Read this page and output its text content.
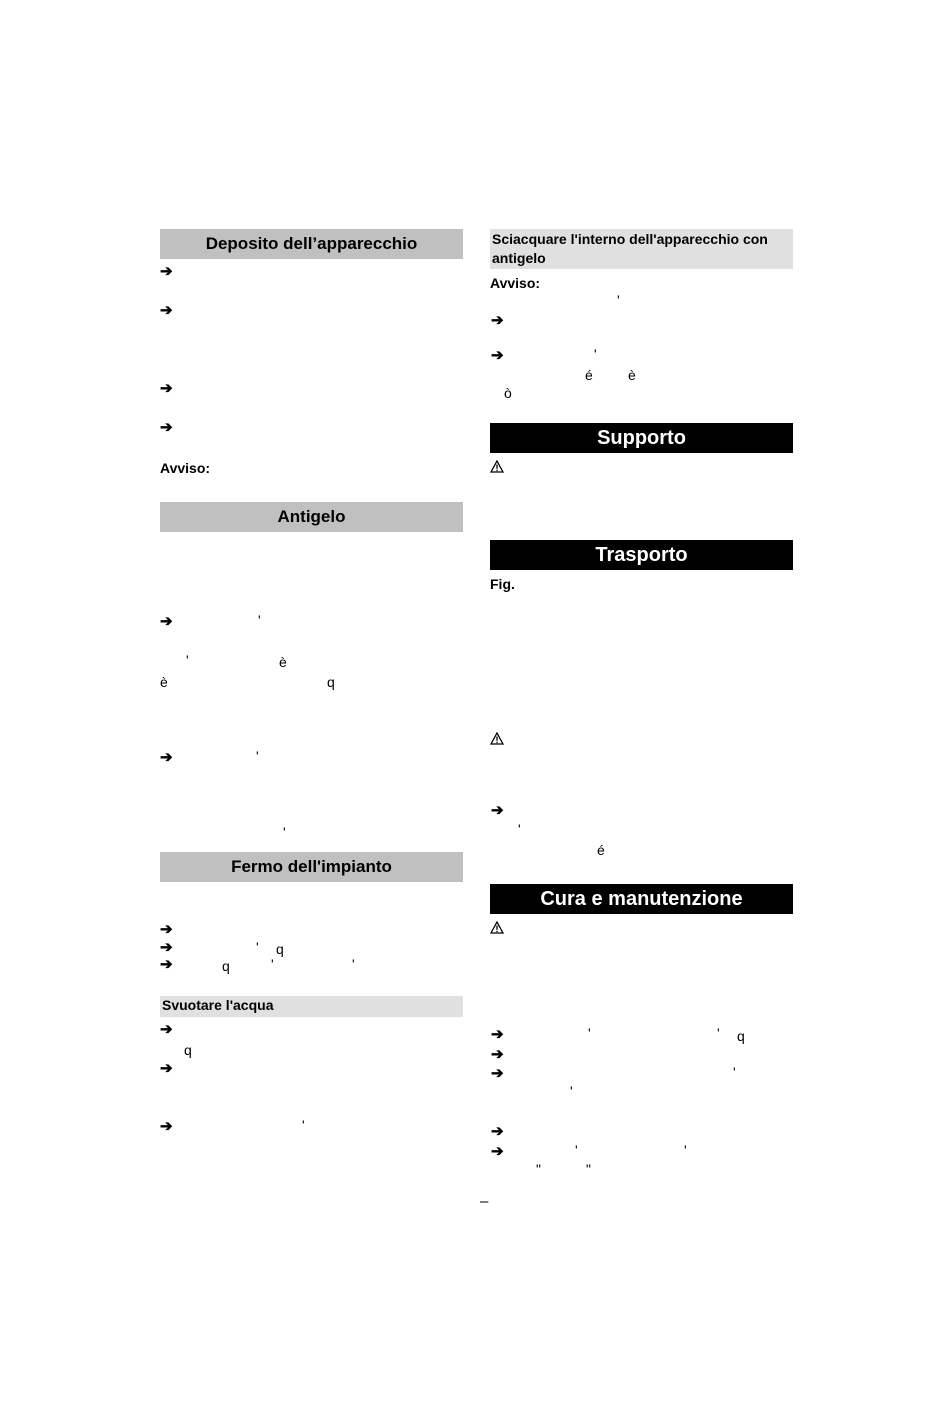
Deposito dell’apparecchio
➔
➔
➔
➔
Avviso:
Antigelo
➔	'
'	è
è	q
➔	'
'
Fermo dell'impianto
➔
➔	' q
➔	q	'	'
Svuotare l'acqua
➔
q
➔
➔	'
Sciacquare l'interno dell'apparecchio con antigelo
Avviso:
'
➔
➔	'
é	è
ò
Supporto
Trasporto
Fig.
➔
'
é
Cura e manutenzione
➔	'	' q
➔
➔	'
'
➔
➔	'	'
"	"
–
